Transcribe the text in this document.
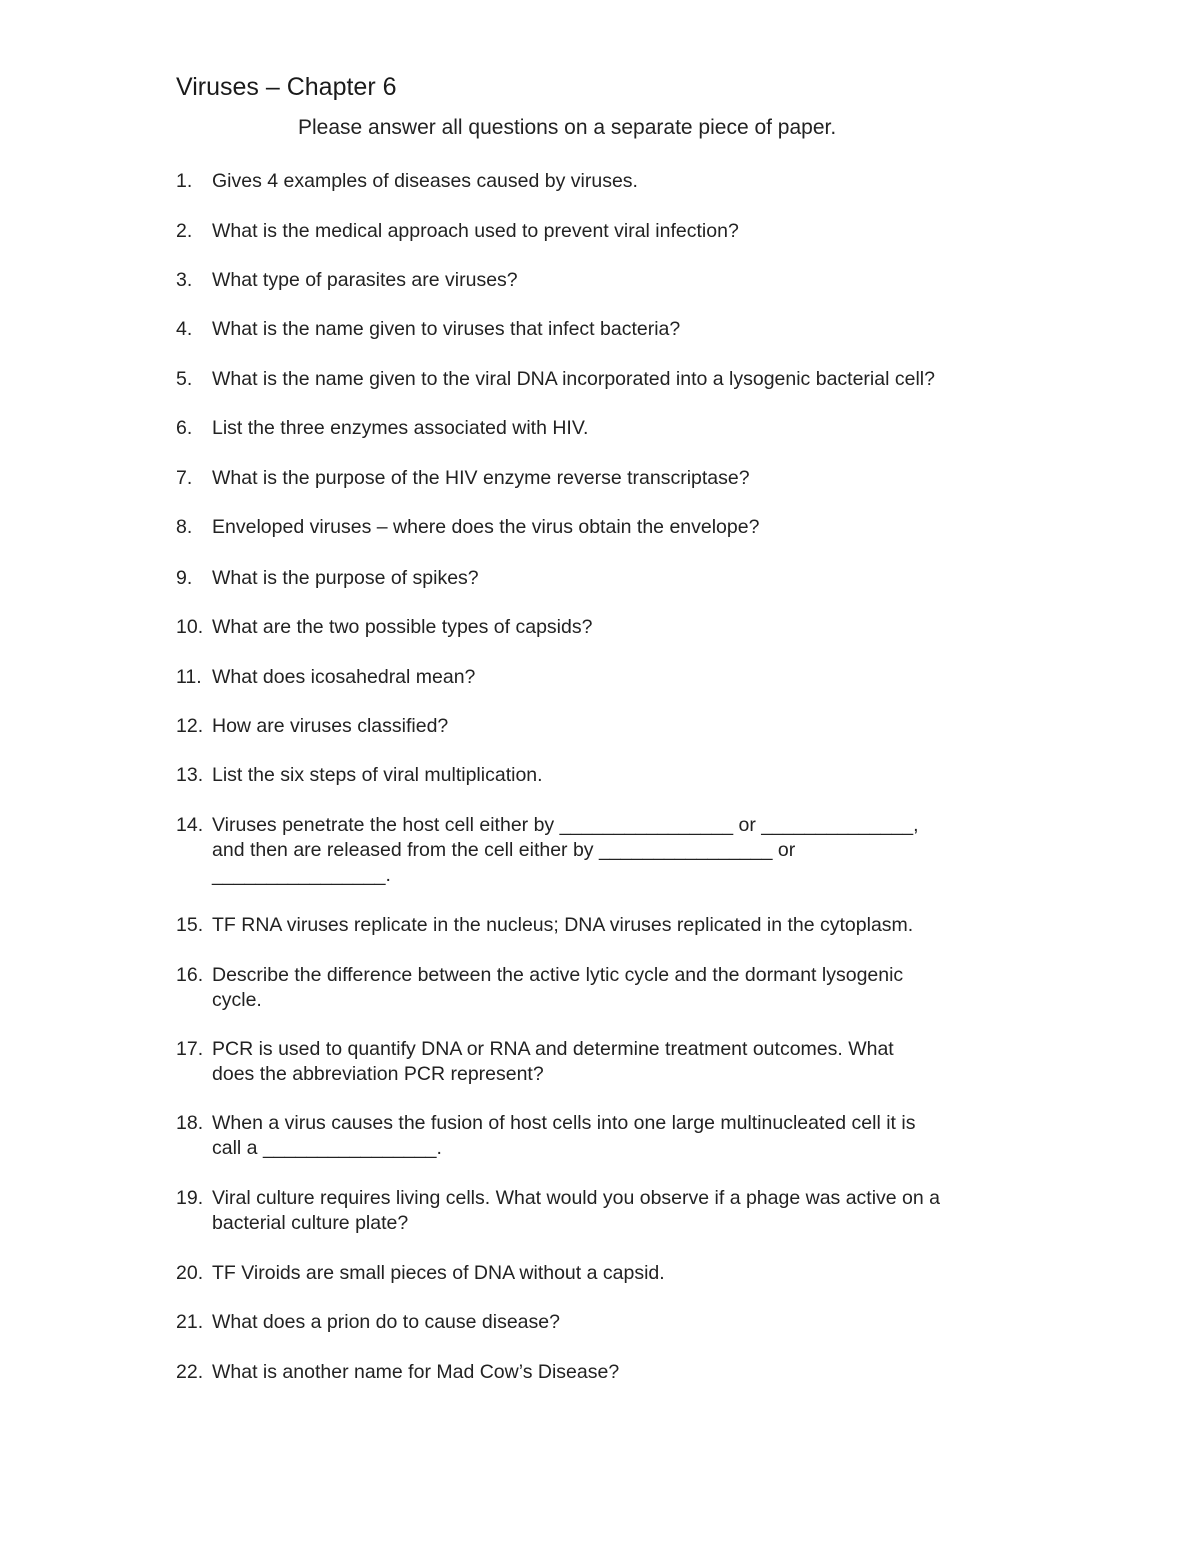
Viruses – Chapter 6

Please answer all questions on a separate piece of paper.

1. Gives 4 examples of diseases caused by viruses.
2. What is the medical approach used to prevent viral infection?
3. What type of parasites are viruses?
4. What is the name given to viruses that infect bacteria?
5. What is the name given to the viral DNA incorporated into a lysogenic bacterial cell?
6. List the three enzymes associated with HIV.
7. What is the purpose of the HIV enzyme reverse transcriptase?
8. Enveloped viruses – where does the virus obtain the envelope?
9. What is the purpose of spikes?
10. What are the two possible types of capsids?
11. What does icosahedral mean?
12. How are viruses classified?
13. List the six steps of viral multiplication.
14. Viruses penetrate the host cell either by ________________ or ______________,
and then are released from the cell either by ________________ or
________________.
15. TF RNA viruses replicate in the nucleus; DNA viruses replicated in the cytoplasm.
16. Describe the difference between the active lytic cycle and the dormant lysogenic
cycle.
17. PCR is used to quantify DNA or RNA and determine treatment outcomes. What
does the abbreviation PCR represent?
18. When a virus causes the fusion of host cells into one large multinucleated cell it is
call a ________________.
19. Viral culture requires living cells. What would you observe if a phage was active on a
bacterial culture plate?
20. TF Viroids are small pieces of DNA without a capsid.
21. What does a prion do to cause disease?
22. What is another name for Mad Cow’s Disease?
